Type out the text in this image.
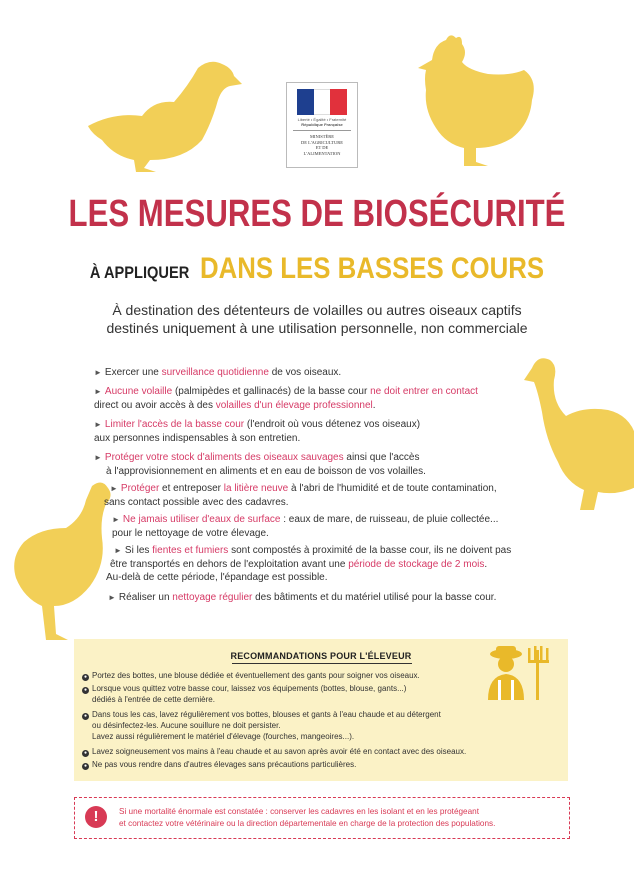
Liberté • Égalité • Fraternité
République Française
MINISTÈRE
DE L'AGRICULTURE
ET DE
L'ALIMENTATION
LES MESURES DE BIOSÉCURITÉ
À APPLIQUER DANS LES BASSES COURS
À destination des détenteurs de volailles ou autres oiseaux captifs
destinés uniquement à une utilisation personnelle, non commerciale
► Exercer une surveillance quotidienne de vos oiseaux.
► Aucune volaille (palmipèdes et gallinacés) de la basse cour ne doit entrer en contact
direct ou avoir accès à des volailles d'un élevage professionnel.
► Limiter l'accès de la basse cour (l'endroit où vous détenez vos oiseaux)
aux personnes indispensables à son entretien.
► Protéger votre stock d'aliments des oiseaux sauvages ainsi que l'accès
à l'approvisionnement en aliments et en eau de boisson de vos volailles.
► Protéger et entreposer la litière neuve à l'abri de l'humidité et de toute contamination,
sans contact possible avec des cadavres.
► Ne jamais utiliser d'eaux de surface : eaux de mare, de ruisseau, de pluie collectée...
pour le nettoyage de votre élevage.
► Si les fientes et fumiers sont compostés à proximité de la basse cour, ils ne doivent pas
être transportés en dehors de l'exploitation avant une période de stockage de 2 mois.
Au-delà de cette période, l'épandage est possible.
► Réaliser un nettoyage régulier des bâtiments et du matériel utilisé pour la basse cour.
RECOMMANDATIONS POUR L'ÉLEVEUR
● Portez des bottes, une blouse dédiée et éventuellement des gants pour soigner vos oiseaux.
● Lorsque vous quittez votre basse cour, laissez vos équipements (bottes, blouse, gants...)
dédiés à l'entrée de cette dernière.
● Dans tous les cas, lavez régulièrement vos bottes, blouses et gants à l'eau chaude et au détergent
ou désinfectez-les. Aucune souillure ne doit persister.
Lavez aussi régulièrement le matériel d'élevage (fourches, mangeoires...).
● Lavez soigneusement vos mains à l'eau chaude et au savon après avoir été en contact avec des oiseaux.
● Ne pas vous rendre dans d'autres élevages sans précautions particulières.
!	Si une mortalité énormale est constatée : conserver les cadavres en les isolant et en les protégeant
et contactez votre vétérinaire ou la direction départementale en charge de la protection des populations.
